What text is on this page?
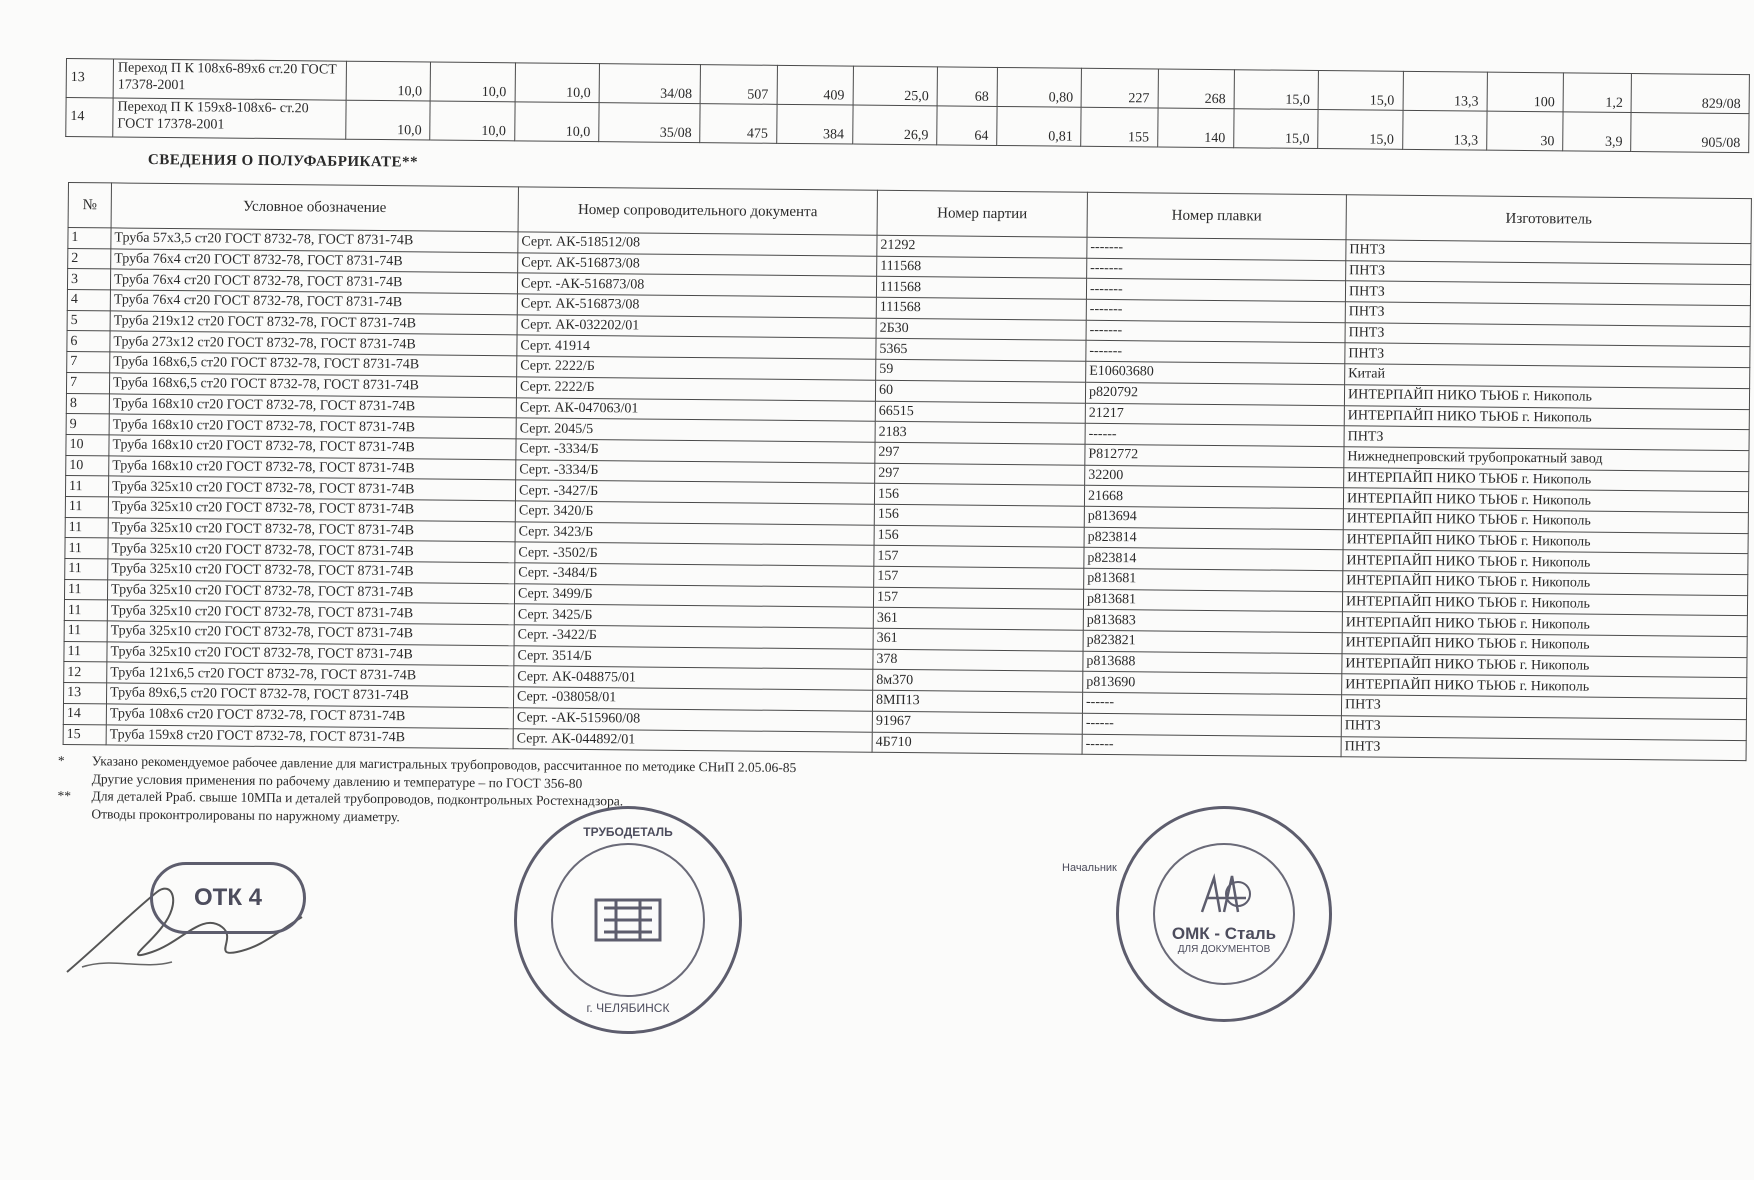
13	Переход П К 108х6-89х6 ст.20 ГОСТ 17378-2001	10,0	10,0	10,0	34/08	507	409	25,0	68	0,80	227	268	15,0	15,0	13,3	100	1,2	829/08
14	Переход П К 159х8-108х6- ст.20 ГОСТ 17378-2001	10,0	10,0	10,0	35/08	475	384	26,9	64	0,81	155	140	15,0	15,0	13,3	30	3,9	905/08
СВЕДЕНИЯ О ПОЛУФАБРИКАТЕ**
№	Условное обозначение	Номер сопроводительного документа	Номер партии	Номер плавки	Изготовитель
1	Труба 57х3,5 ст20 ГОСТ 8732-78, ГОСТ 8731-74В	Серт. АК-518512/08	21292	-------	ПНТЗ
2	Труба 76х4 ст20 ГОСТ 8732-78, ГОСТ 8731-74В	Серт. АК-516873/08	111568	-------	ПНТЗ
3	Труба 76х4 ст20 ГОСТ 8732-78, ГОСТ 8731-74В	Серт. -АК-516873/08	111568	-------	ПНТЗ
4	Труба 76х4 ст20 ГОСТ 8732-78, ГОСТ 8731-74В	Серт. АК-516873/08	111568	-------	ПНТЗ
5	Труба 219х12 ст20 ГОСТ 8732-78, ГОСТ 8731-74В	Серт. АК-032202/01	2Б30	-------	ПНТЗ
6	Труба 273х12 ст20 ГОСТ 8732-78, ГОСТ 8731-74В	Серт. 41914	5365	-------	ПНТЗ
7	Труба 168х6,5 ст20 ГОСТ 8732-78, ГОСТ 8731-74В	Серт. 2222/Б	59	Е10603680	Китай
7	Труба 168х6,5 ст20 ГОСТ 8732-78, ГОСТ 8731-74В	Серт. 2222/Б	60	р820792	ИНТЕРПАЙП НИКО ТЬЮБ г. Никополь
8	Труба 168х10 ст20 ГОСТ 8732-78, ГОСТ 8731-74В	Серт. АК-047063/01	66515	21217	ИНТЕРПАЙП НИКО ТЬЮБ г. Никополь
9	Труба 168х10 ст20 ГОСТ 8732-78, ГОСТ 8731-74В	Серт. 2045/5	2183	------	ПНТЗ
10	Труба 168х10 ст20 ГОСТ 8732-78, ГОСТ 8731-74В	Серт. -3334/Б	297	Р812772	Нижнеднепровский трубопрокатный завод
10	Труба 168х10 ст20 ГОСТ 8732-78, ГОСТ 8731-74В	Серт. -3334/Б	297	32200	ИНТЕРПАЙП НИКО ТЬЮБ г. Никополь
11	Труба 325х10 ст20 ГОСТ 8732-78, ГОСТ 8731-74В	Серт. -3427/Б	156	21668	ИНТЕРПАЙП НИКО ТЬЮБ г. Никополь
11	Труба 325х10 ст20 ГОСТ 8732-78, ГОСТ 8731-74В	Серт. 3420/Б	156	р813694	ИНТЕРПАЙП НИКО ТЬЮБ г. Никополь
11	Труба 325х10 ст20 ГОСТ 8732-78, ГОСТ 8731-74В	Серт. 3423/Б	156	р823814	ИНТЕРПАЙП НИКО ТЬЮБ г. Никополь
11	Труба 325х10 ст20 ГОСТ 8732-78, ГОСТ 8731-74В	Серт. -3502/Б	157	р823814	ИНТЕРПАЙП НИКО ТЬЮБ г. Никополь
11	Труба 325х10 ст20 ГОСТ 8732-78, ГОСТ 8731-74В	Серт. -3484/Б	157	р813681	ИНТЕРПАЙП НИКО ТЬЮБ г. Никополь
11	Труба 325х10 ст20 ГОСТ 8732-78, ГОСТ 8731-74В	Серт. 3499/Б	157	р813681	ИНТЕРПАЙП НИКО ТЬЮБ г. Никополь
11	Труба 325х10 ст20 ГОСТ 8732-78, ГОСТ 8731-74В	Серт. 3425/Б	361	р813683	ИНТЕРПАЙП НИКО ТЬЮБ г. Никополь
11	Труба 325х10 ст20 ГОСТ 8732-78, ГОСТ 8731-74В	Серт. -3422/Б	361	р823821	ИНТЕРПАЙП НИКО ТЬЮБ г. Никополь
11	Труба 325х10 ст20 ГОСТ 8732-78, ГОСТ 8731-74В	Серт. 3514/Б	378	р813688	ИНТЕРПАЙП НИКО ТЬЮБ г. Никополь
12	Труба 121х6,5 ст20 ГОСТ 8732-78, ГОСТ 8731-74В	Серт. АК-048875/01	8м370	р813690	ИНТЕРПАЙП НИКО ТЬЮБ г. Никополь
13	Труба 89х6,5 ст20 ГОСТ 8732-78, ГОСТ 8731-74В	Серт. -038058/01	8МП13	------	ПНТЗ
14	Труба 108х6 ст20 ГОСТ 8732-78, ГОСТ 8731-74В	Серт. -АК-515960/08	91967	------	ПНТЗ
15	Труба 159х8 ст20 ГОСТ 8732-78, ГОСТ 8731-74В	Серт. АК-044892/01	4Б710	------	ПНТЗ
*	Указано рекомендуемое рабочее давление для магистральных трубопроводов, рассчитанное по методике СНиП 2.05.06-85
Другие условия применения по рабочему давлению и температуре – по ГОСТ 356-80
**	Для деталей Рраб. свыше 10МПа и деталей трубопроводов, подконтрольных Ростехнадзора.
Отводы проконтролированы по наружному диаметру.
ОТК 4
ТРУБОДЕТАЛЬ
г. ЧЕЛЯБИНСК
Начальник
ОМК - Сталь
ДЛЯ ДОКУМЕНТОВ
